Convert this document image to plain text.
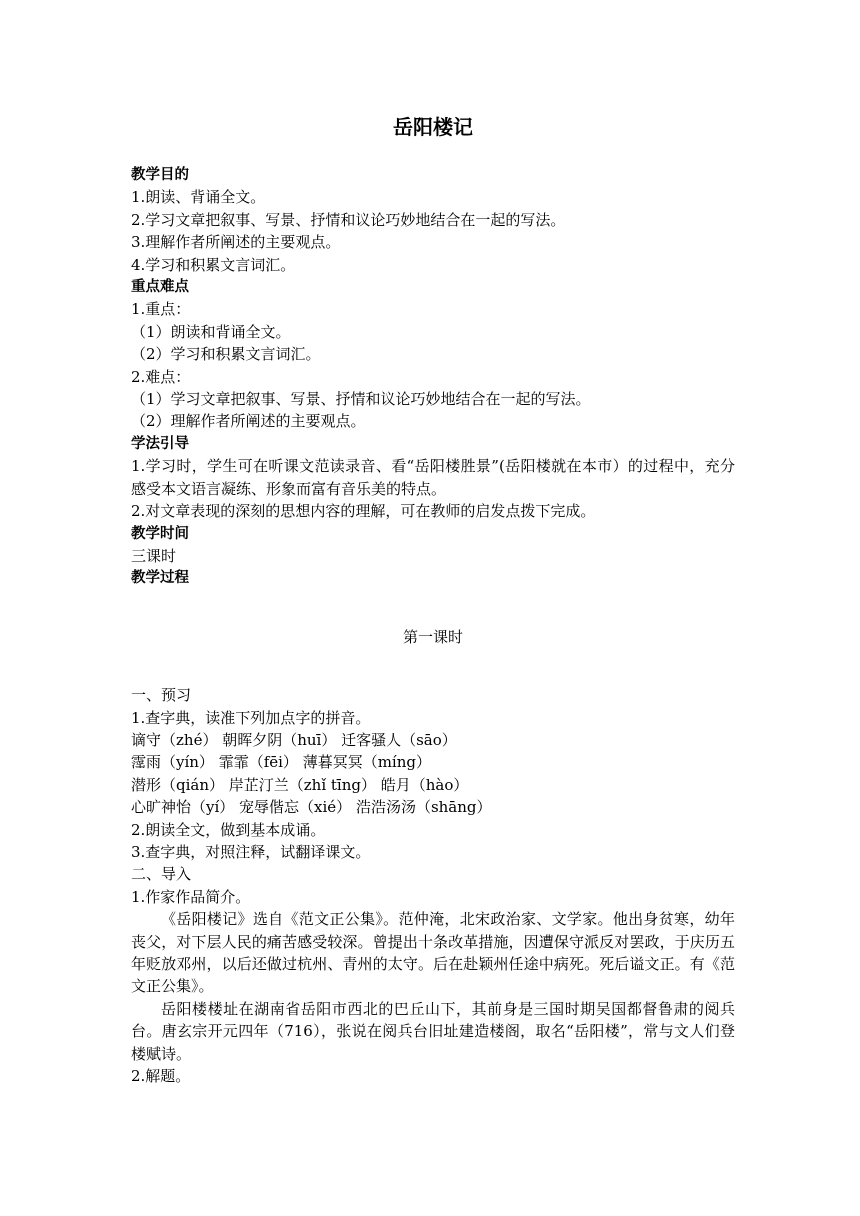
岳阳楼记
教学目的
1.朗读、背诵全文。
2.学习文章把叙事、写景、抒情和议论巧妙地结合在一起的写法。
3.理解作者所阐述的主要观点。
4.学习和积累文言词汇。
重点难点
1.重点：
（1）朗读和背诵全文。
（2）学习和积累文言词汇。
2.难点：
（1）学习文章把叙事、写景、抒情和议论巧妙地结合在一起的写法。
（2）理解作者所阐述的主要观点。
学法引导
1.学习时，学生可在听课文范读录音、看“岳阳楼胜景”(岳阳楼就在本市）的过程中，充分感受本文语言凝练、形象而富有音乐美的特点。
2.对文章表现的深刻的思想内容的理解，可在教师的启发点拨下完成。
教学时间
三课时
教学过程
第一课时
一、预习
1.查字典，读准下列加点字的拼音。
谪守（zhé） 朝晖夕阴（huī） 迁客骚人（sāo）
霪雨（yín） 霏霏（fēi） 薄暮冥冥（míng）
潜形（qián） 岸芷汀兰（zhǐ tīng） 皓月（hào）
心旷神怡（yí） 宠辱偕忘（xié） 浩浩汤汤（shāng）
2.朗读全文，做到基本成诵。
3.查字典，对照注释，试翻译课文。
二、导入
1.作家作品简介。
《岳阳楼记》选自《范文正公集》。范仲淹，北宋政治家、文学家。他出身贫寒，幼年丧父，对下层人民的痛苦感受较深。曾提出十条改革措施，因遭保守派反对罢政，于庆历五年贬放邓州，以后还做过杭州、青州的太守。后在赴颖州任途中病死。死后谥文正。有《范文正公集》。
岳阳楼楼址在湖南省岳阳市西北的巴丘山下，其前身是三国时期吴国都督鲁肃的阅兵台。唐玄宗开元四年（716），张说在阅兵台旧址建造楼阁，取名“岳阳楼”，常与文人们登楼赋诗。
2.解题。
